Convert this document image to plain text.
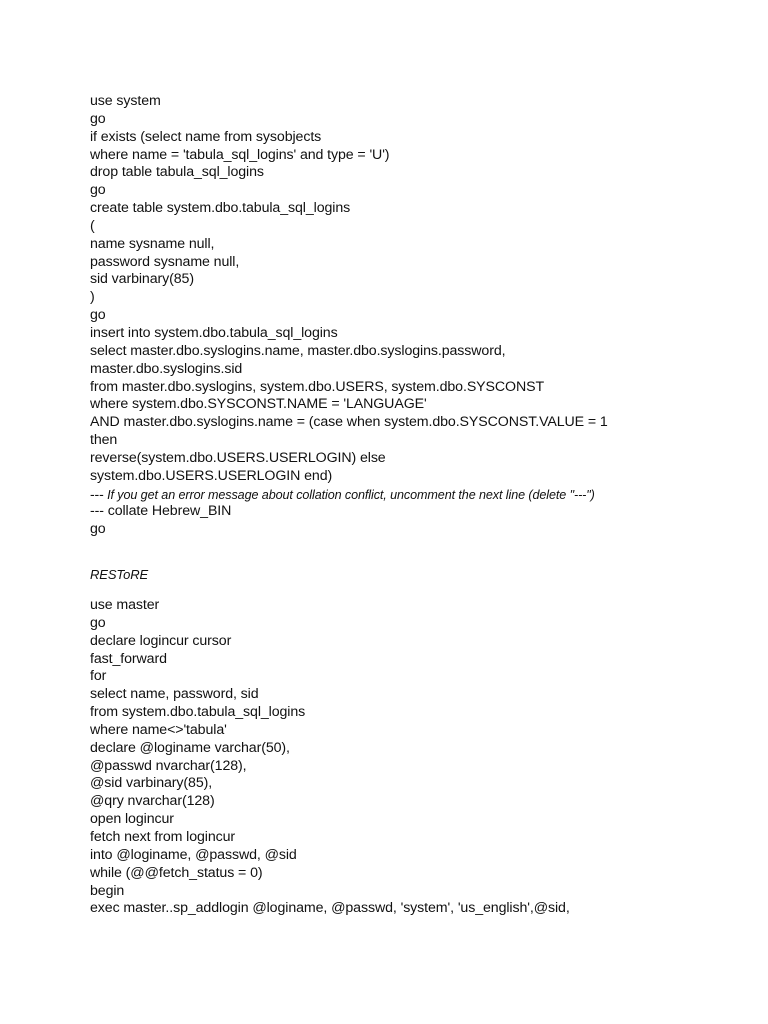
use system
go
if exists (select name from sysobjects
where name = 'tabula_sql_logins' and type = 'U')
drop table tabula_sql_logins
go
create table system.dbo.tabula_sql_logins
(
name sysname null,
password sysname null,
sid varbinary(85)
)
go
insert into system.dbo.tabula_sql_logins
select master.dbo.syslogins.name, master.dbo.syslogins.password,
master.dbo.syslogins.sid
from master.dbo.syslogins, system.dbo.USERS, system.dbo.SYSCONST
where system.dbo.SYSCONST.NAME = 'LANGUAGE'
AND master.dbo.syslogins.name = (case when system.dbo.SYSCONST.VALUE = 1
then
reverse(system.dbo.USERS.USERLOGIN) else
system.dbo.USERS.USERLOGIN end)
--- If you get an error message about collation conflict, uncomment the next line (delete "---")
--- collate Hebrew_BIN
go
RESToRE
use master
go
declare logincur cursor
fast_forward
for
select name, password, sid
from system.dbo.tabula_sql_logins
where name<>'tabula'
declare @loginame varchar(50),
@passwd nvarchar(128),
@sid varbinary(85),
@qry nvarchar(128)
open logincur
fetch next from logincur
into @loginame, @passwd, @sid
while (@@fetch_status = 0)
begin
exec master..sp_addlogin @loginame, @passwd, 'system', 'us_english',@sid,
